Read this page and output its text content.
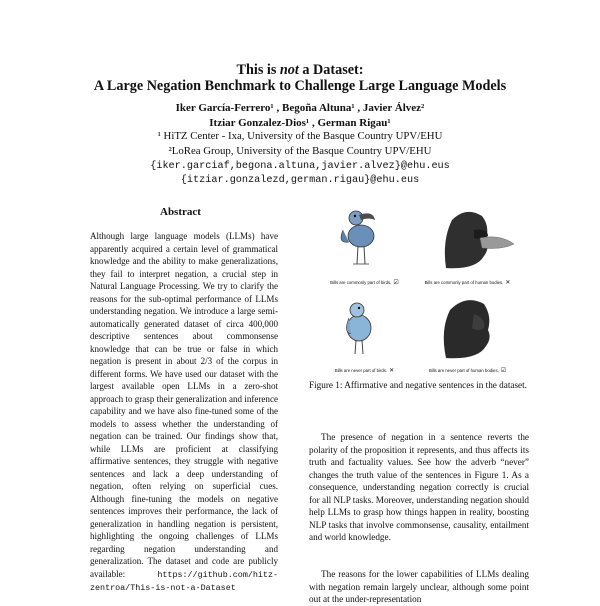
This is not a Dataset:
A Large Negation Benchmark to Challenge Large Language Models
Iker García-Ferrero¹ , Begoña Altuna¹ , Javier Álvez²
Itziar Gonzalez-Dios¹ , German Rigau¹
¹ HiTZ Center - Ixa, University of the Basque Country UPV/EHU
²LoRea Group, University of the Basque Country UPV/EHU
{iker.garciaf,begona.altuna,javier.alvez}@ehu.eus
{itziar.gonzalezd,german.rigau}@ehu.eus
Abstract
Although large language models (LLMs) have apparently acquired a certain level of grammatical knowledge and the ability to make generalizations, they fail to interpret negation, a crucial step in Natural Language Processing. We try to clarify the reasons for the sub-optimal performance of LLMs understanding negation. We introduce a large semi-automatically generated dataset of circa 400,000 descriptive sentences about commonsense knowledge that can be true or false in which negation is present in about 2/3 of the corpus in different forms. We have used our dataset with the largest available open LLMs in a zero-shot approach to grasp their generalization and inference capability and we have also fine-tuned some of the models to assess whether the understanding of negation can be trained. Our findings show that, while LLMs are proficient at classifying affirmative sentences, they struggle with negative sentences and lack a deep understanding of negation, often relying on superficial cues. Although fine-tuning the models on negative sentences improves their performance, the lack of generalization in handling negation is persistent, highlighting the ongoing challenges of LLMs regarding negation understanding and generalization. The dataset and code are publicly available:	https://github.com/hitz-zentroa/This-is-not-a-Dataset
Bills are commonly part of birds. ☑	Bills are commonly part of human bodies. ✕
Bills are never part of birds. ✕	Bills are never part of human bodies. ☑
Figure 1: Affirmative and negative sentences in the dataset.
The presence of negation in a sentence reverts the polarity of the proposition it represents, and thus affects its truth and factuality values. See how the adverb “never” changes the truth value of the sentences in Figure 1. As a consequence, understanding negation correctly is crucial for all NLP tasks. Moreover, understanding negation should help LLMs to grasp how things happen in reality, boosting NLP tasks that involve commonsense, causality, entailment and world knowledge.
The reasons for the lower capabilities of LLMs dealing with negation remain largely unclear, although some point out at the under-representation
